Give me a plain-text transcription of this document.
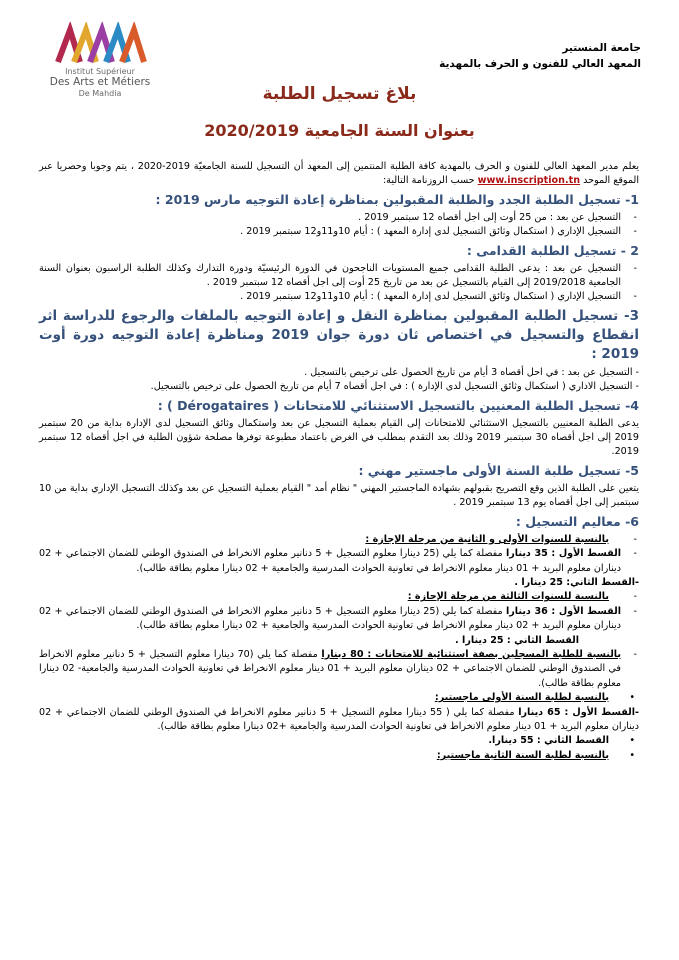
Institut Supérieur
Des Arts et Métiers
De Mahdia
جامعة المنستير
المعهد العالي للفنون و الحرف بالمهدية
بلاغ تسجيل الطلبة
بعنوان السنة الجامعية 2020/2019

يعلم مدير المعهد العالي للفنون و الحرف بالمهدية كافة الطلبة المنتمين إلى المعهد أن التسجيل للسنة الجامعيّة 2019-2020 ، يتم وجوبا وحصريا عبر الموقع الموحد www.inscription.tn حسب الروزنامة التالية:

1- تسجيل الطلبة الجدد والطلبة المقبولين بمناظرة إعادة التوجيه مارس 2019 :

- التسجيل عن بعد : من 25 أوت إلى اجل أقصاه 12 سبتمبر 2019 .

- التسجيل الإداري ( استكمال وثائق التسجيل لدى إدارة المعهد ) : أيام 10و11و12 سبتمبر 2019 .

2 - تسجيل الطلبة القدامى :

- التسجيل عن بعد : يدعى الطلبة القدامى جميع المستويات الناجحون في الدورة الرئيسيّة ودورة التدارك وكذلك الطلبة الراسبون بعنوان السنة الجامعية 2019/2018 إلى القيام بالتسجيل عن بعد من تاريخ 25 أوت إلى اجل أقصاه 12 سبتمبر 2019 .

- التسجيل الإداري ( استكمال وثائق التسجيل لدى إدارة المعهد ) : أيام 10و11و12 سبتمبر 2019 .

3- تسجيل الطلبة المقبولين بمناظرة النقل و إعادة التوجيه بالملفات والرجوع للدراسة اثر انقطاع والتسجيل في اختصاص ثان دورة جوان 2019 ومناظرة إعادة التوجيه دورة أوت 2019 :

- التسجيل عن بعد : في احل أقصاه 3 أيام من تاريخ الحصول على ترخيص بالتسجيل .

- التسجيل الاداري ( استكمال وثائق التسجيل لدى الإدارة ) : في اجل أقصاه 7 أيام من تاريخ الحصول على ترخيص بالتسجيل.

4- تسجيل الطلبة المعنيين بالتسجيل الاستثنائي للامتحانات ( Dérogataires ) :

يدعى الطلبة المعنيين بالتسجيل الاستثنائي للامتحانات إلى القيام بعملية التسجيل عن بعد واستكمال وثائق التسجيل لدى الإدارة بداية من 20 سبتمبر 2019 إلى اجل أقصاه 30 سبتمبر 2019 وذلك بعد التقدم بمطلب في الغرض باعتماد مطبوعة توفرها مصلحة شؤون الطلبة في اجل أقصاه 12 سبتمبر 2019.

5- تسجيل طلبة السنة الأولى ماجستير مهني :

يتعين على الطلبة الذين وقع التصريح بقبولهم بشهادة الماجستير المهني " نظام أمد " القيام بعملية التسجيل عن بعد وكذلك التسجيل الإداري بداية من 10 سبتمبر إلى اجل أقصاه يوم 13 سبتمبر 2019 .

6- معاليم التسجيل :

- بالنسبة للسنوات الأولى و الثانية من مرحلة الإجازة :

- القسط الأول : 35 دينارا مفصلة كما يلي (25 دينارا معلوم التسجيل + 5 دنانير معلوم الانخراط في الصندوق الوطني للضمان الاجتماعي + 02 ديناران معلوم البريد + 01 دينار معلوم الانخراط في تعاونية الحوادث المدرسية والجامعية + 02 دينارا معلوم بطاقة طالب).

-القسط الثاني: 25 دينارا .

- بالنسبة للسنوات الثالثة من مرحلة الإجازة :

- القسط الأول : 36 دينارا مفصلة كما يلي (25 دينارا معلوم التسجيل + 5 دنانير معلوم الانخراط في الصندوق الوطني للضمان الاجتماعي + 02 ديناران معلوم البريد + 02 دينار معلوم الانخراط في تعاونية الحوادث المدرسية والجامعية + 02 دينارا معلوم بطاقة طالب).

القسط الثاني : 25 دينارا .

- بالنسبة للطلبة المسجلين بصفة استثنائية للامتحانات : 80 دينارا مفصلة كما يلي (70 دينارا معلوم التسجيل + 5 دنانير معلوم الانخراط في الصندوق الوطني للضمان الاجتماعي + 02 ديناران معلوم البريد + 01 دينار معلوم الانخراط في تعاونية الحوادث المدرسية والجامعية- 02 دينارا معلوم بطاقة طالب).

• بالنسبة لطلبة السنة الأولى ماجستير:

-القسط الأول : 65 دينارا مفصلة كما يلي ( 55 دينارا معلوم التسجيل + 5 دنانير معلوم الانخراط في الصندوق الوطني للضمان الاجتماعي + 02 ديناران معلوم البريد + 01 دينار معلوم الانخراط في تعاونية الحوادث المدرسية والجامعية +02 دينارا معلوم بطاقة طالب).

• القسط الثاني : 55 دينارا.

• بالنسبة لطلبة السنة الثانية ماجستير:
